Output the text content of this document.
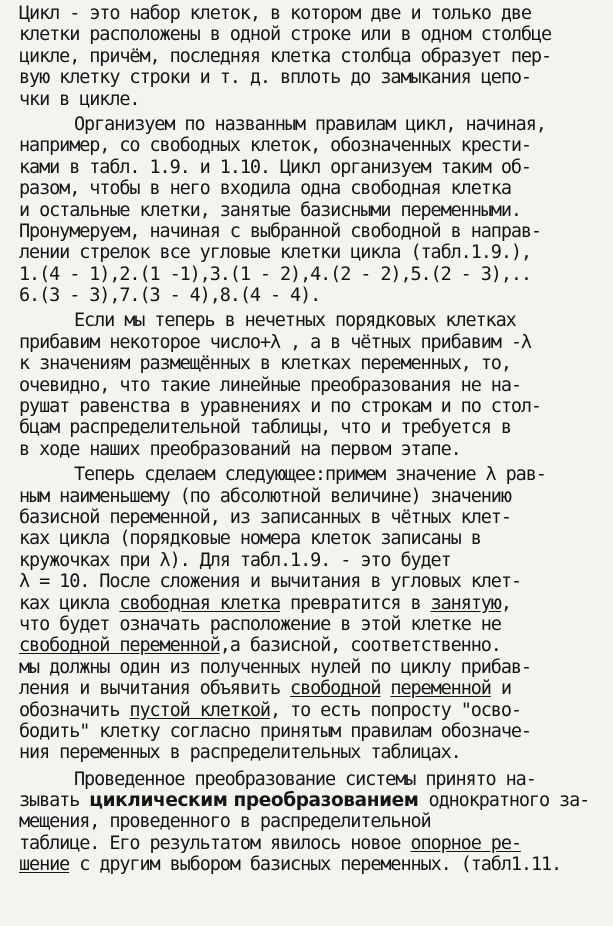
Цикл - это набор клеток, в котором две и только две
клетки расположены в одной строке или в одном столбце
цикле, причём, последняя клетка столбца образует пер-
вую клетку строки и т. д. вплоть до замыкания цепо-
чки в цикле.
Организуем по названным правилам цикл, начиная,
например, со свободных клеток, обозначенных крести-
ками в табл. 1.9. и 1.10. Цикл организуем таким об-
разом, чтобы в него входила одна свободная клетка
и остальные клетки, занятые базисными переменными.
Пронумеруем, начиная с выбранной свободной в направ-
лении стрелок все угловые клетки цикла (табл.1.9.),
1.(4 - 1),2.(1 -1),3.(1 - 2),4.(2 - 2),5.(2 - 3),..
6.(3 - 3),7.(3 - 4),8.(4 - 4).
Если мы теперь в нечетных порядковых клетках
прибавим некоторое число+λ , а в чётных прибавим -λ
к значениям размещённых в клетках переменных, то,
очевидно, что такие линейные преобразования не на-
рушат равенства в уравнениях и по строкам и по стол-
бцам распределительной таблицы, что и требуется в
в ходе наших преобразований на первом этапе.
Теперь сделаем следующее:примем значение λ рав-
ным наименьшему (по абсолютной величине) значению
базисной переменной, из записанных в чётных клет-
ках цикла (порядковые номера клеток записаны в
кружочках при λ). Для табл.1.9. - это будет
λ = 10. После сложения и вычитания в угловых клет-
ках цикла свободная клетка превратится в занятую,
что будет означать расположение в этой клетке не
свободной переменной,а базисной, соответственно.
мы должны один из полученных нулей по циклу прибав-
ления и вычитания объявить свободной переменной и
обозначить пустой клеткой, то есть попросту "осво-
бодить" клетку согласно принятым правилам обозначе-
ния переменных в распределительных таблицах.
Проведенное преобразование системы принято на-
зывать циклическим преобразованием однократного за-
мещения, проведенного в распределительной
таблице. Его результатом явилось новое опорное ре-
шение с другим выбором базисных переменных. (табл1.11.
